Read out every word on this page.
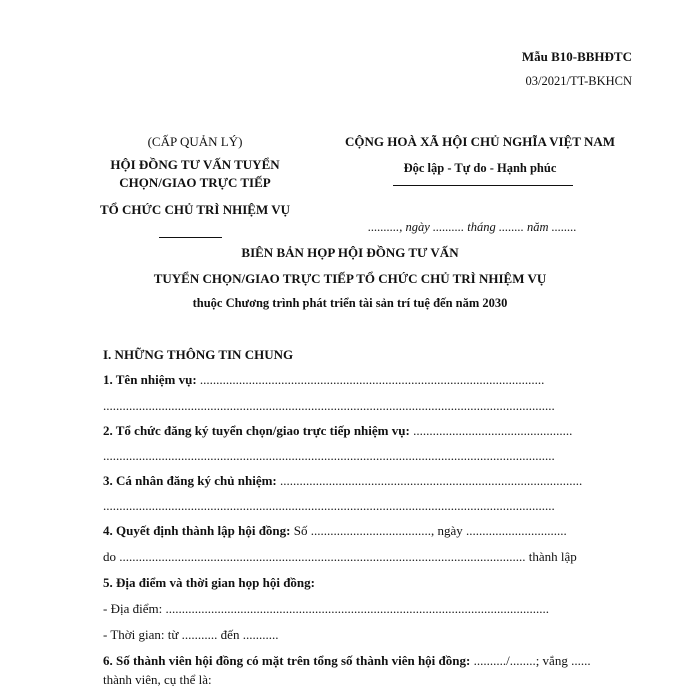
Mẫu B10-BBHĐTC
03/2021/TT-BKHCN
(CẤP QUẢN LÝ)
HỘI ĐỒNG TƯ VẤN TUYỂN
CHỌN/GIAO TRỰC TIẾP
TỔ CHỨC CHỦ TRÌ NHIỆM VỤ
CỘNG HOÀ XÃ HỘI CHỦ NGHĨA VIỆT NAM
Độc lập - Tự do - Hạnh phúc
.........., ngày .......... tháng ........ năm ........
BIÊN BẢN HỌP HỘI ĐỒNG TƯ VẤN
TUYỂN CHỌN/GIAO TRỰC TIẾP TỔ CHỨC CHỦ TRÌ NHIỆM VỤ
thuộc Chương trình phát triển tài sản trí tuệ đến năm 2030
I. NHỮNG THÔNG TIN CHUNG
1. Tên nhiệm vụ: ..........................................................................................................
...........................................................................................................................................
2. Tổ chức đăng ký tuyển chọn/giao trực tiếp nhiệm vụ: .................................................
...........................................................................................................................................
3. Cá nhân đăng ký chủ nhiệm: .............................................................................................
...........................................................................................................................................
4. Quyết định thành lập hội đồng: Số ....................................., ngày ...............................
do ............................................................................................................................. thành lập
5. Địa điểm và thời gian họp hội đồng:
- Địa điểm: ......................................................................................................................
- Thời gian: từ ........... đến ...........
6. Số thành viên hội đồng có mặt trên tổng số thành viên hội đồng: ........../........; vắng ......
thành viên, cụ thể là:
